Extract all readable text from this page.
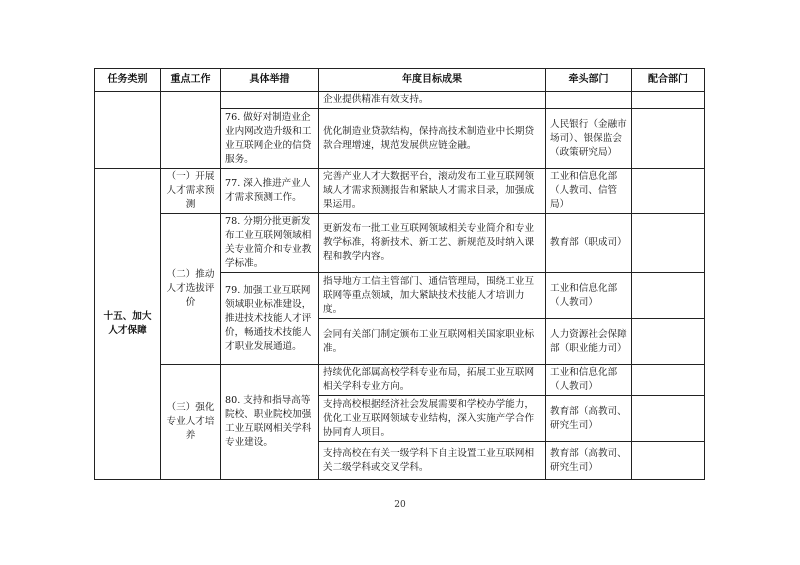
任务类别	重点工作	具体举措	年度目标成果	牵头部门	配合部门
			企业提供精准有效支持。		
		76. 做好对制造业企业内网改造升级和工业互联网企业的信贷服务。	优化制造业贷款结构，保持高技术制造业中长期贷款合理增速，规范发展供应链金融。	人民银行（金融市场司）、银保监会（政策研究局）	
十五、加大人才保障	（一）开展人才需求预测	77. 深入推进产业人才需求预测工作。	完善产业人才大数据平台，滚动发布工业互联网领域人才需求预测报告和紧缺人才需求目录，加强成果运用。	工业和信息化部（人教司、信管局）	
	（二）推动人才选拔评价	78. 分期分批更新发布工业互联网领域相关专业简介和专业教学标准。	更新发布一批工业互联网领域相关专业简介和专业教学标准，将新技术、新工艺、新规范及时纳入课程和教学内容。	教育部（职成司）	
		79. 加强工业互联网领域职业标准建设，推进技术技能人才评价，畅通技术技能人才职业发展通道。	指导地方工信主管部门、通信管理局，围绕工业互联网等重点领域，加大紧缺技术技能人才培训力度。	工业和信息化部（人教司）	
			会同有关部门制定颁布工业互联网相关国家职业标准。	人力资源社会保障部（职业能力司）	
	（三）强化专业人才培养	80. 支持和指导高等院校、职业院校加强工业互联网相关学科专业建设。	持续优化部属高校学科专业布局，拓展工业互联网相关学科专业方向。	工业和信息化部（人教司）	
			支持高校根据经济社会发展需要和学校办学能力，优化工业互联网领域专业结构，深入实施产学合作协同育人项目。	教育部（高教司、研究生司）	
			支持高校在有关一级学科下自主设置工业互联网相关二级学科或交叉学科。	教育部（高教司、研究生司）	
20
